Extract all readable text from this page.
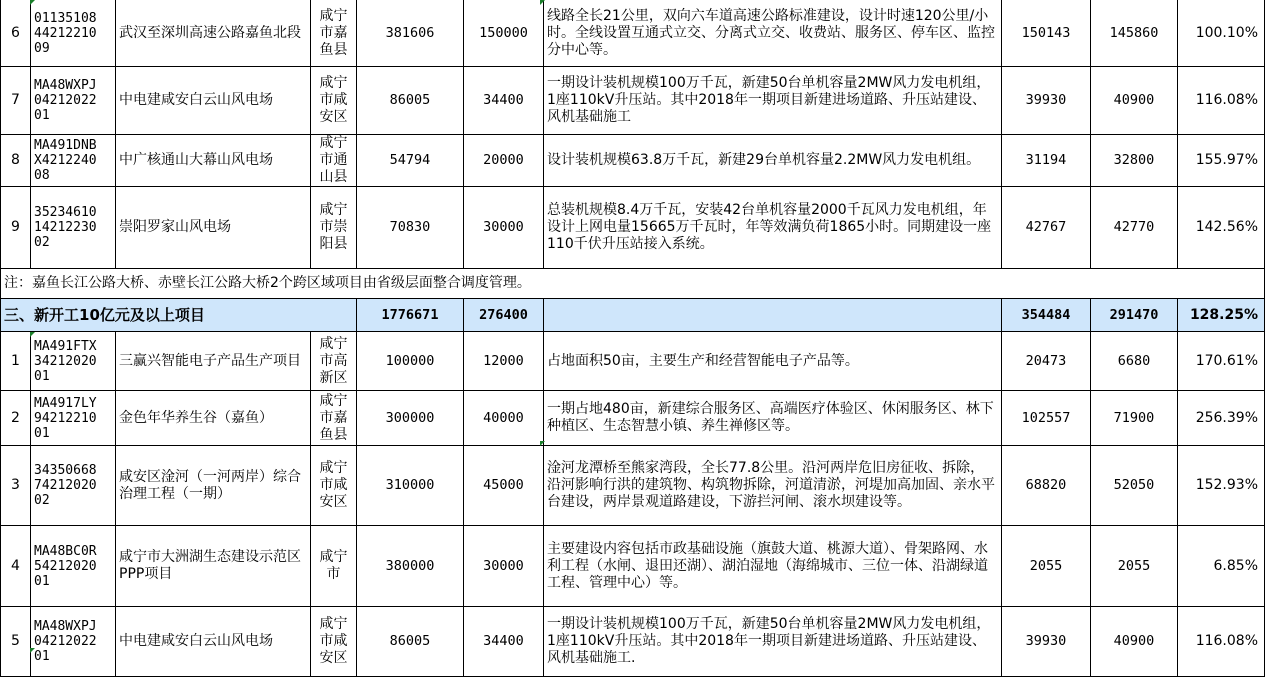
6	01135108
44212210
09	武汉至深圳高速公路嘉鱼北段	咸宁
市嘉
鱼县	381606	150000	线路全长21公里，双向六车道高速公路标准建设，设计时速120公里/小时。全线设置互通式立交、分离式立交、收费站、服务区、停车区、监控分中心等。	150143	145860	100.10%
7	MA48WXPJ
04212022
01	中电建咸安白云山风电场	咸宁
市咸
安区	86005	34400	一期设计装机规模100万千瓦，新建50台单机容量2MW风力发电机组，1座110kV升压站。其中2018年一期项目新建进场道路、升压站建设、风机基础施工	39930	40900	116.08%
8	MA491DNB
X4212240
08	中广核通山大幕山风电场	咸宁
市通
山县	54794	20000	设计装机规模63.8万千瓦，新建29台单机容量2.2MW风力发电机组。	31194	32800	155.97%
9	35234610
14212230
02	崇阳罗家山风电场	咸宁
市崇
阳县	70830	30000	总装机规模8.4万千瓦，安装42台单机容量2000千瓦风力发电机组，年设计上网电量15665万千瓦时，年等效满负荷1865小时。同期建设一座110千伏升压站接入系统。	42767	42770	142.56%
注：嘉鱼长江公路大桥、赤壁长江公路大桥2个跨区域项目由省级层面整合调度管理。									
三、新开工10亿元及以上项目				1776671	276400		354484	291470	128.25%
1	MA491FTX
34212020
01	三赢兴智能电子产品生产项目	咸宁
市高
新区	100000	12000	占地面积50亩，主要生产和经营智能电子产品等。	20473	6680	170.61%
2	MA4917LY
94212210
01	金色年华养生谷（嘉鱼）	咸宁
市嘉
鱼县	300000	40000	一期占地480亩，新建综合服务区、高端医疗体验区、休闲服务区、林下种植区、生态智慧小镇、养生禅修区等。	102557	71900	256.39%
3	34350668
74212020
02	咸安区淦河（一河两岸）综合治理工程（一期）	咸宁
市咸
安区	310000	45000	淦河龙潭桥至熊家湾段，全长77.8公里。沿河两岸危旧房征收、拆除，沿河影响行洪的建筑物、构筑物拆除，河道清淤，河堤加高加固、亲水平台建设，两岸景观道路建设，下游拦河闸、滚水坝建设等。	68820	52050	152.93%
4	MA48BC0R
54212020
01	咸宁市大洲湖生态建设示范区PPP项目	咸宁
市	380000	30000	主要建设内容包括市政基础设施（旗鼓大道、桃源大道）、骨架路网、水利工程（水闸、退田还湖）、湖泊湿地（海绵城市、三位一体、沿湖绿道工程、管理中心）等。	2055	2055	6.85%
5	MA48WXPJ
04212022
01	中电建咸安白云山风电场	咸宁
市咸
安区	86005	34400	一期设计装机规模100万千瓦，新建50台单机容量2MW风力发电机组，1座110kV升压站。其中2018年一期项目新建进场道路、升压站建设、风机基础施工.	39930	40900	116.08%
